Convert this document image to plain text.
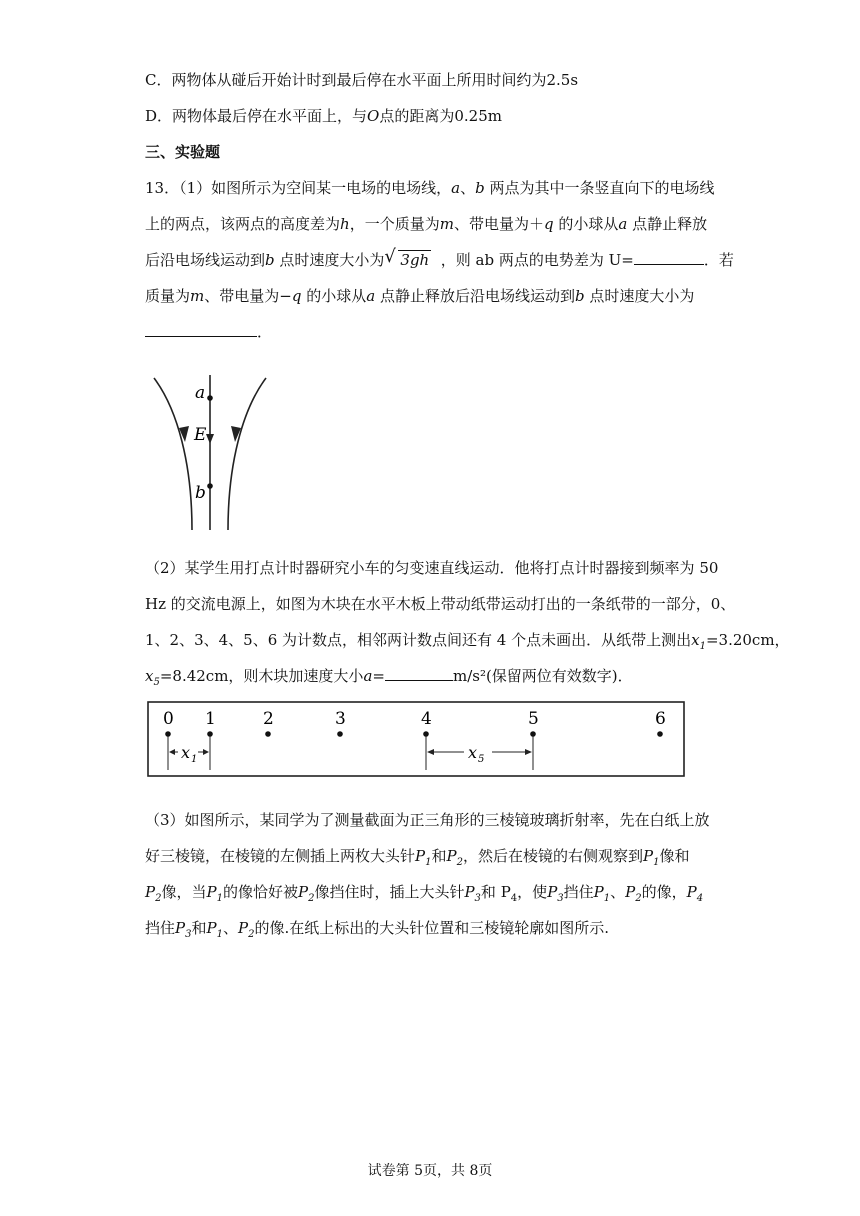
C．两物体从碰后开始计时到最后停在水平面上所用时间约为2.5s
D．两物体最后停在水平面上，与O点的距离为0.25m
三、实验题
13．（1）如图所示为空间某一电场的电场线，a、b 两点为其中一条竖直向下的电场线
上的两点，该两点的高度差为h，一个质量为m、带电量为＋q 的小球从a 点静止释放
后沿电场线运动到b 点时速度大小为 √ 3gh ，则 ab 两点的电势差为 U=	．若
质量为m、带电量为−q 的小球从a 点静止释放后沿电场线运动到b 点时速度大小为
．
a
E
b
（2）某学生用打点计时器研究小车的匀变速直线运动．他将打点计时器接到频率为 50
Hz 的交流电源上，如图为木块在水平木板上带动纸带运动打出的一条纸带的一部分，0、
1、2、3、4、5、6 为计数点，相邻两计数点间还有 4 个点未画出．从纸带上测出$x_1=3.20cm$，
$x_5=8.42cm$，则木块加速度大小a=	m/s²(保留两位有效数字)．
0 1	2	3	4	5	6
x 1	x 5
（3）如图所示，某同学为了测量截面为正三角形的三棱镜玻璃折射率，先在白纸上放
好三棱镜，在棱镜的左侧插上两枚大头针$P_1$和$P_2$，然后在棱镜的右侧观察到$P_1$像和
$P_2$像，当$P_1$的像恰好被$P_2$像挡住时，插上大头针$P_3$和 $P_4$，使$P_3$挡住$P_1$、$P_2$的像，$P_4$
挡住$P_3$和$P_1$、$P_2$的像.在纸上标出的大头针位置和三棱镜轮廓如图所示.
试卷第 5页，共 8页
